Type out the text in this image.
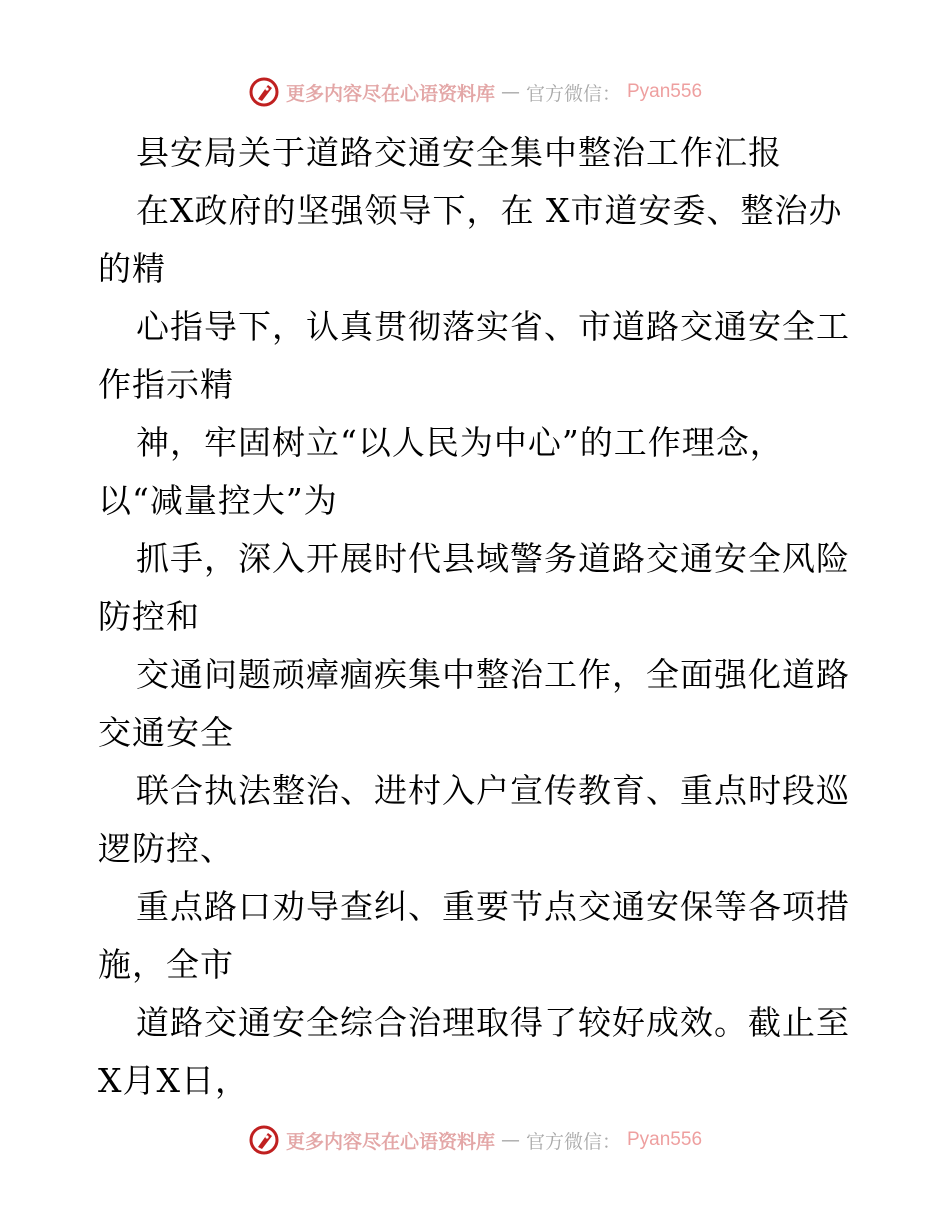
更多内容尽在心语资料库 — 官方微信： Pyan556
县安局关于道路交通安全集中整治工作汇报
在X政府的坚强领导下，在 X市道安委、整治办
的精
心指导下，认真贯彻落实省、市道路交通安全工
作指示精
神，牢固树立“以人民为中心”的工作理念，
以“减量控大”为
抓手，深入开展时代县域警务道路交通安全风险
防控和
交通问题顽瘴痼疾集中整治工作，全面强化道路
交通安全
联合执法整治、进村入户宣传教育、重点时段巡
逻防控、
重点路口劝导查纠、重要节点交通安保等各项措
施，全市
道路交通安全综合治理取得了较好成效。截止至
X月X日，
更多内容尽在心语资料库 — 官方微信： Pyan556
